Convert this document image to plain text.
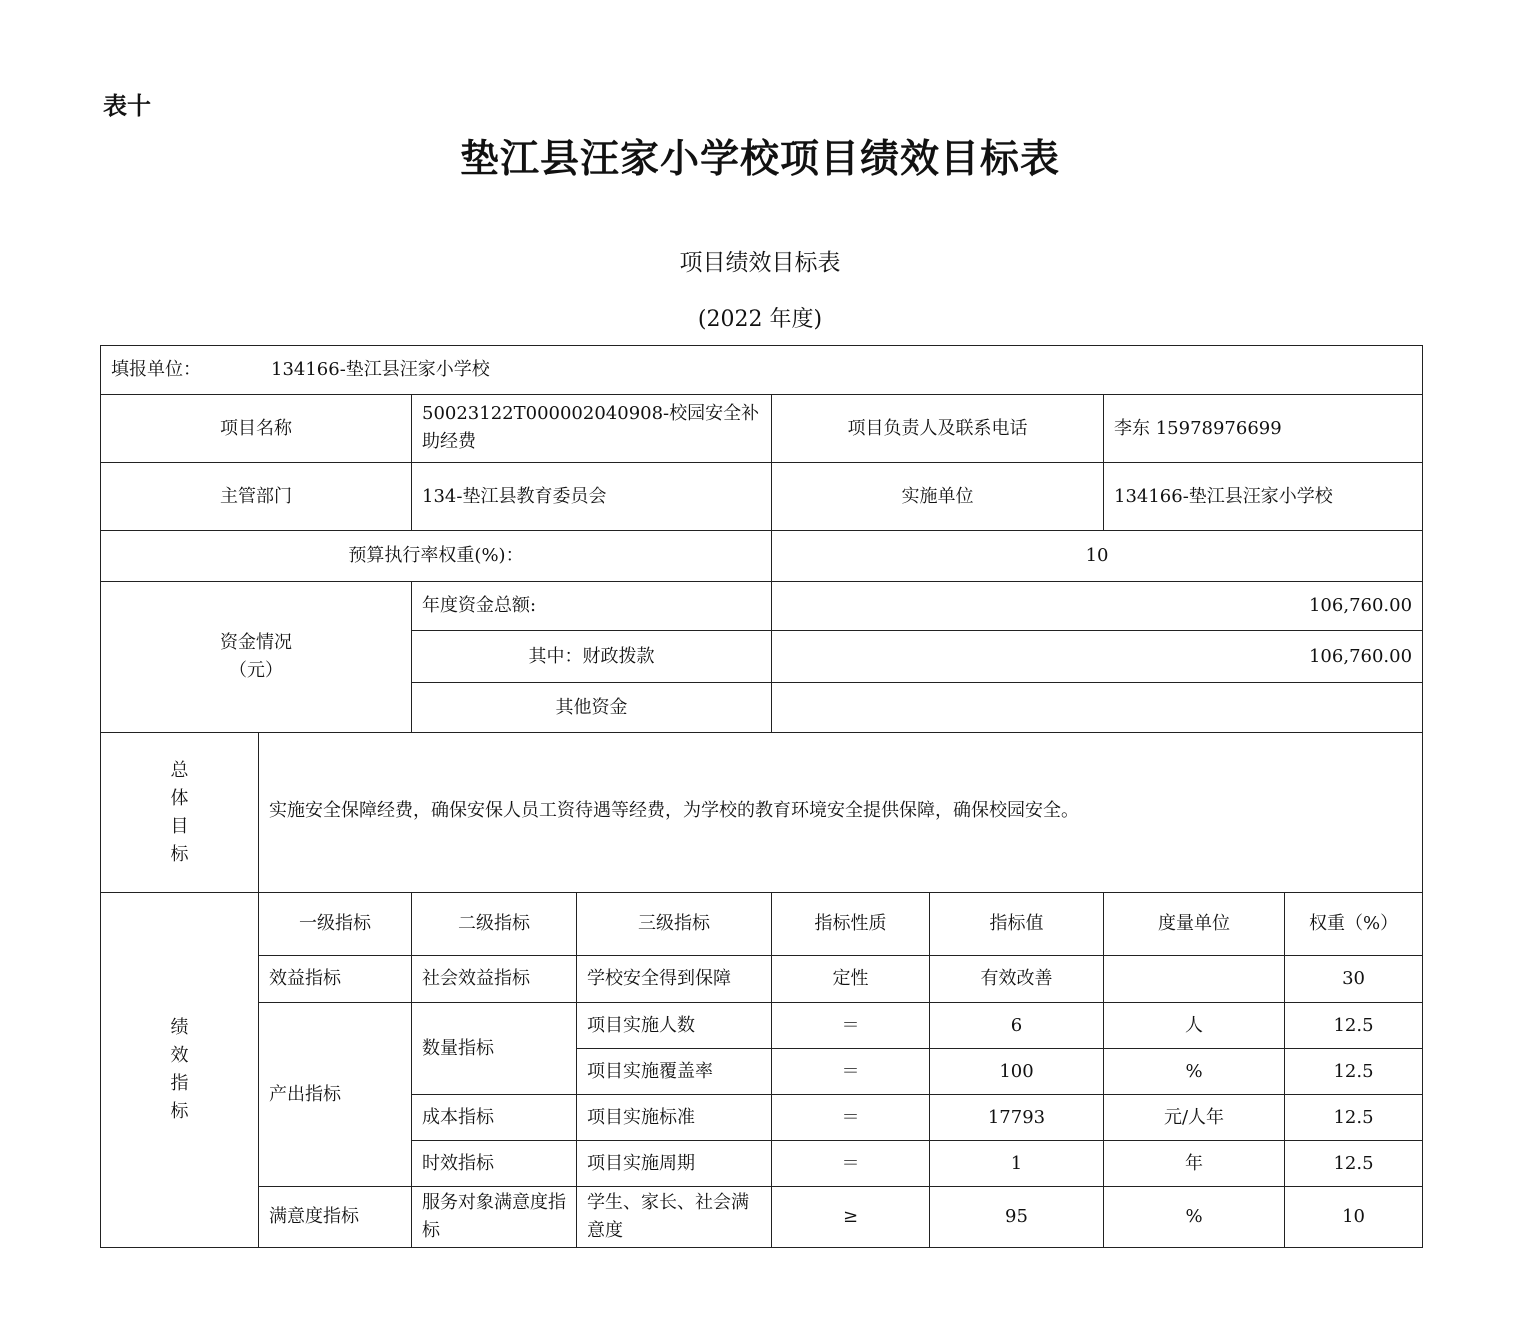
表十
垫江县汪家小学校项目绩效目标表
项目绩效目标表
(2022 年度)
填报单位： 134166-垫江县汪家小学校							
项目名称		50023122T000002040908-校园安全补助经费		项目负责人及联系电话		李东 15978976699	
主管部门		134-垫江县教育委员会		实施单位		134166-垫江县汪家小学校	
预算执行率权重(%)：				10			

资金情况
（元）		年度资金总额:		106,760.00			
		其中：财政拨款		106,760.00			
		其他资金					

总
体
目
标	实施安全保障经费，确保安保人员工资待遇等经费，为学校的教育环境安全提供保障，确保校园安全。						

绩
效
指
标	一级指标	二级指标	三级指标	指标性质	指标值	度量单位	权重（%）
	效益指标	社会效益指标	学校安全得到保障	定性	有效改善		30
	产出指标	数量指标	项目实施人数	＝	6	人	12.5
			项目实施覆盖率	＝	100	%	12.5
		成本指标	项目实施标准	＝	17793	元/人年	12.5
		时效指标	项目实施周期	＝	1	年	12.5
	满意度指标	服务对象满意度指标	学生、家长、社会满意度	≥	95	%	10
